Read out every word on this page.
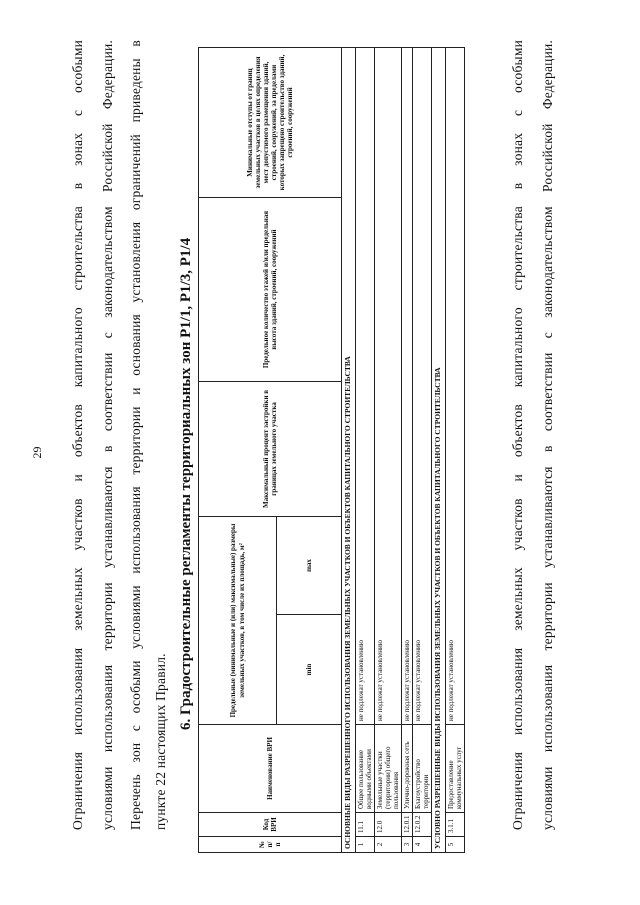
29 Ограничения использования земельных участков и объектов капитального строительства в зонах с особыми условиями использования территории устанавливаются в соответствии с законодательством Российской Федерации. Перечень зон с особыми условиями использования территории и основания установления ограничений приведены в пункте 22 настоящих Правил.
6. Градостроительные регламенты территориальных зон Р1/1, Р1/3, Р1/4
№ п/п	Код ВРИ	Наименование ВРИ	Предельные (минимальные и (или) максимальные) размеры земельных участков, в том числе их площадь, м²		Максимальный процент застройки в границах земельного участка	Предельное количество этажей и/или предельная высота зданий, строений, сооружений	Минимальные отступы от границ земельных участков в целях определения мест допустимого размещения зданий, строений, сооружений, за пределами которых запрещено строительство зданий, строений, сооружений
			min	max			
ОСНОВНЫЕ ВИДЫ РАЗРЕШЕННОГО ИСПОЛЬЗОВАНИЯ ЗЕМЕЛЬНЫХ УЧАСТКОВ И ОБЪЕКТОВ КАПИТАЛЬНОГО СТРОИТЕЛЬСТВА							
1	11.1	Общее пользование водными объектами	не подлежат установлению				
2	12.0	Земельные участки (территории) общего пользования	не подлежат установлению				
3	12.0.1	Улично-дорожная сеть	не подлежат установлению				
4	12.0.2	Благоустройство территории	не подлежат установлению				
УСЛОВНО РАЗРЕШЕННЫЕ ВИДЫ ИСПОЛЬЗОВАНИЯ ЗЕМЕЛЬНЫХ УЧАСТКОВ И ОБЪЕКТОВ КАПИТАЛЬНОГО СТРОИТЕЛЬСТВА							
5	3.1.1	Предоставление коммунальных услуг	не подлежат установлению					Ограничения использования земельных участков и объектов капитального строительства в зонах с особыми условиями использования территории устанавливаются в соответствии с законодательством Российской Федерации.
